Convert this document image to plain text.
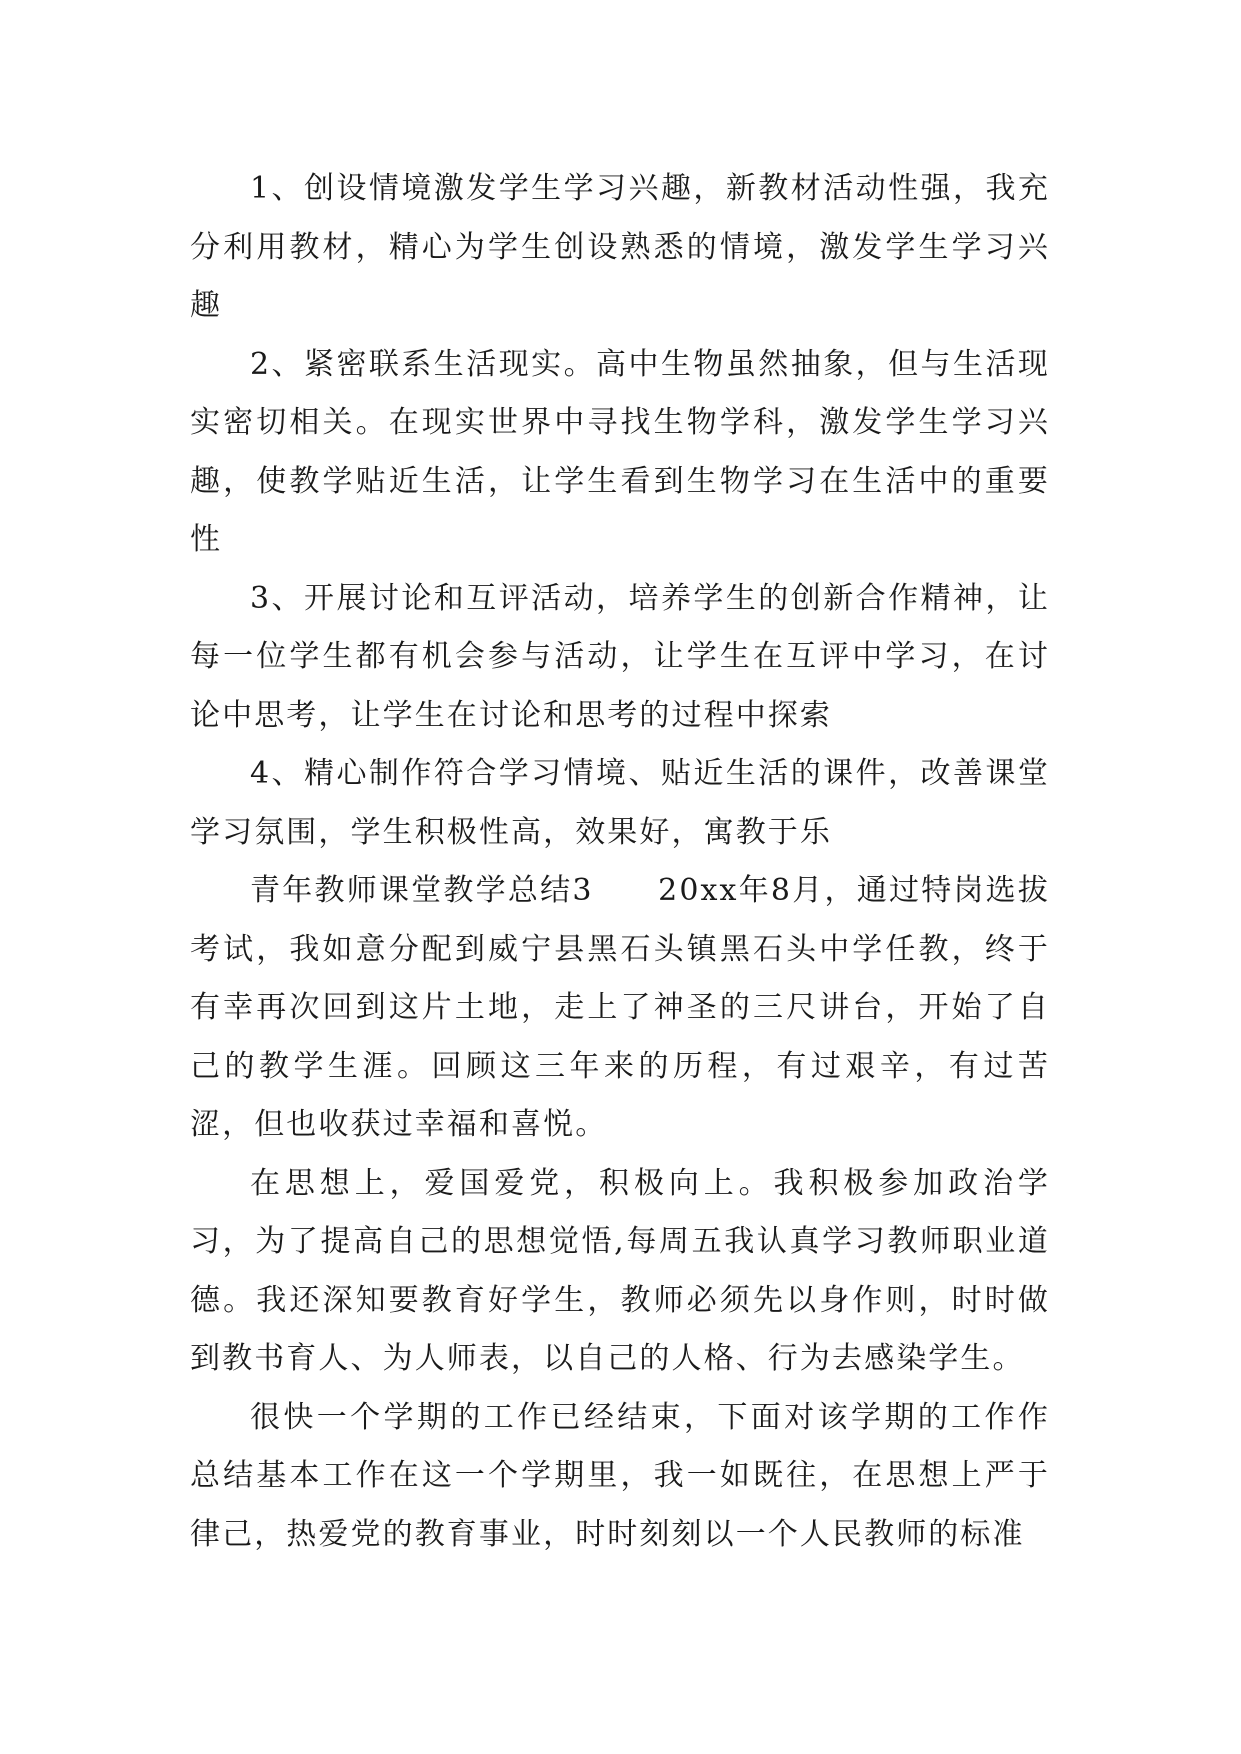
1、创设情境激发学生学习兴趣，新教材活动性强，我充分利用教材，精心为学生创设熟悉的情境，激发学生学习兴趣

2、紧密联系生活现实。高中生物虽然抽象，但与生活现实密切相关。在现实世界中寻找生物学科，激发学生学习兴趣，使教学贴近生活，让学生看到生物学习在生活中的重要性

3、开展讨论和互评活动，培养学生的创新合作精神，让每一位学生都有机会参与活动，让学生在互评中学习，在讨论中思考，让学生在讨论和思考的过程中探索

4、精心制作符合学习情境、贴近生活的课件，改善课堂学习氛围，学生积极性高，效果好，寓教于乐

青年教师课堂教学总结3　　20xx年8月，通过特岗选拔考试，我如意分配到威宁县黑石头镇黑石头中学任教，终于有幸再次回到这片土地，走上了神圣的三尺讲台，开始了自己的教学生涯。回顾这三年来的历程，有过艰辛，有过苦涩，但也收获过幸福和喜悦。

在思想上，爱国爱党，积极向上。我积极参加政治学习，为了提高自己的思想觉悟,每周五我认真学习教师职业道德。我还深知要教育好学生，教师必须先以身作则，时时做到教书育人、为人师表，以自己的人格、行为去感染学生。

很快一个学期的工作已经结束，下面对该学期的工作作总结基本工作在这一个学期里，我一如既往，在思想上严于律己，热爱党的教育事业，时时刻刻以一个人民教师的标准
